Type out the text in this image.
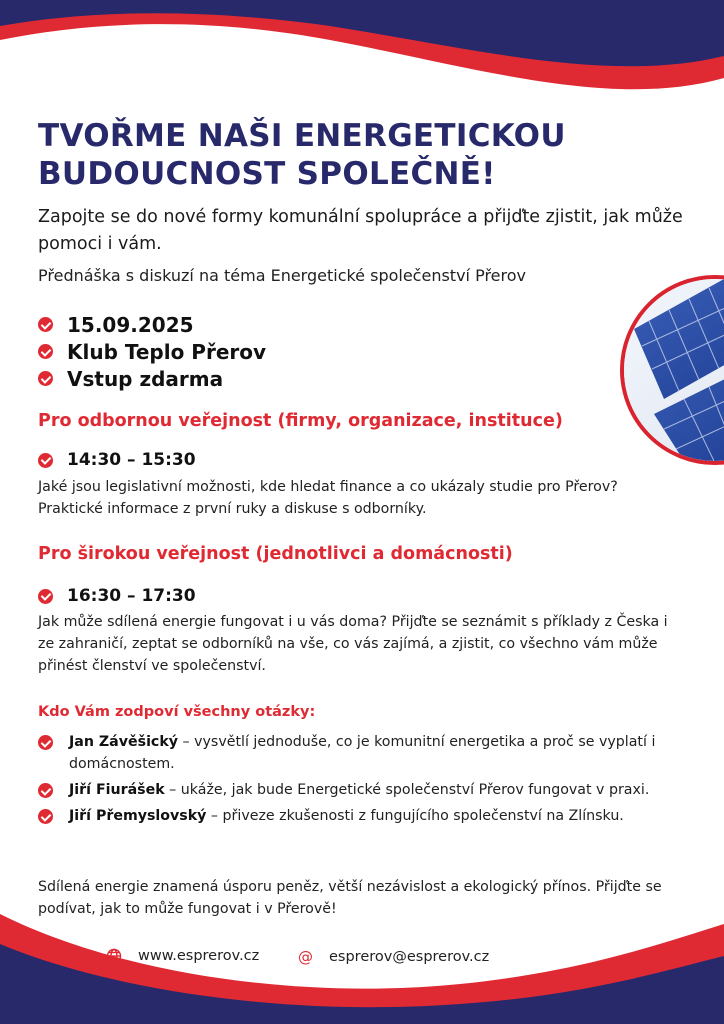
TVOŘME NAŠI ENERGETICKOU
BUDOUCNOST SPOLEČNĚ!

Zapojte se do nové formy komunální spolupráce a přijďte zjistit, jak může pomoci i vám.

Přednáška s diskuzí na téma Energetické společenství Přerov

15.09.2025
Klub Teplo Přerov
Vstup zdarma
Pro odbornou veřejnost (firmy, organizace, instituce)
14:30 – 15:30

Jaké jsou legislativní možnosti, kde hledat finance a co ukázaly studie pro Přerov? Praktické informace z první ruky a diskuse s odborníky.

Pro širokou veřejnost (jednotlivci a domácnosti)
16:30 – 17:30

Jak může sdílená energie fungovat i u vás doma? Přijďte se seznámit s příklady z Česka i ze zahraničí, zeptat se odborníků na vše, co vás zajímá, a zjistit, co všechno vám může přinést členství ve společenství.

Kdo Vám zodpoví všechny otázky:
Jan Závěšický – vysvětlí jednoduše, co je komunitní energetika a proč se vyplatí i domácnostem.
Jiří Fiurášek – ukáže, jak bude Energetické společenství Přerov fungovat v praxi.
Jiří Přemyslovský – přiveze zkušenosti z fungujícího společenství na Zlínsku.

Sdílená energie znamená úsporu peněz, větší nezávislost a ekologický přínos. Přijďte se podívat, jak to může fungovat i v Přerově!

www.esprerov.cz	@ esprerov@esprerov.cz
